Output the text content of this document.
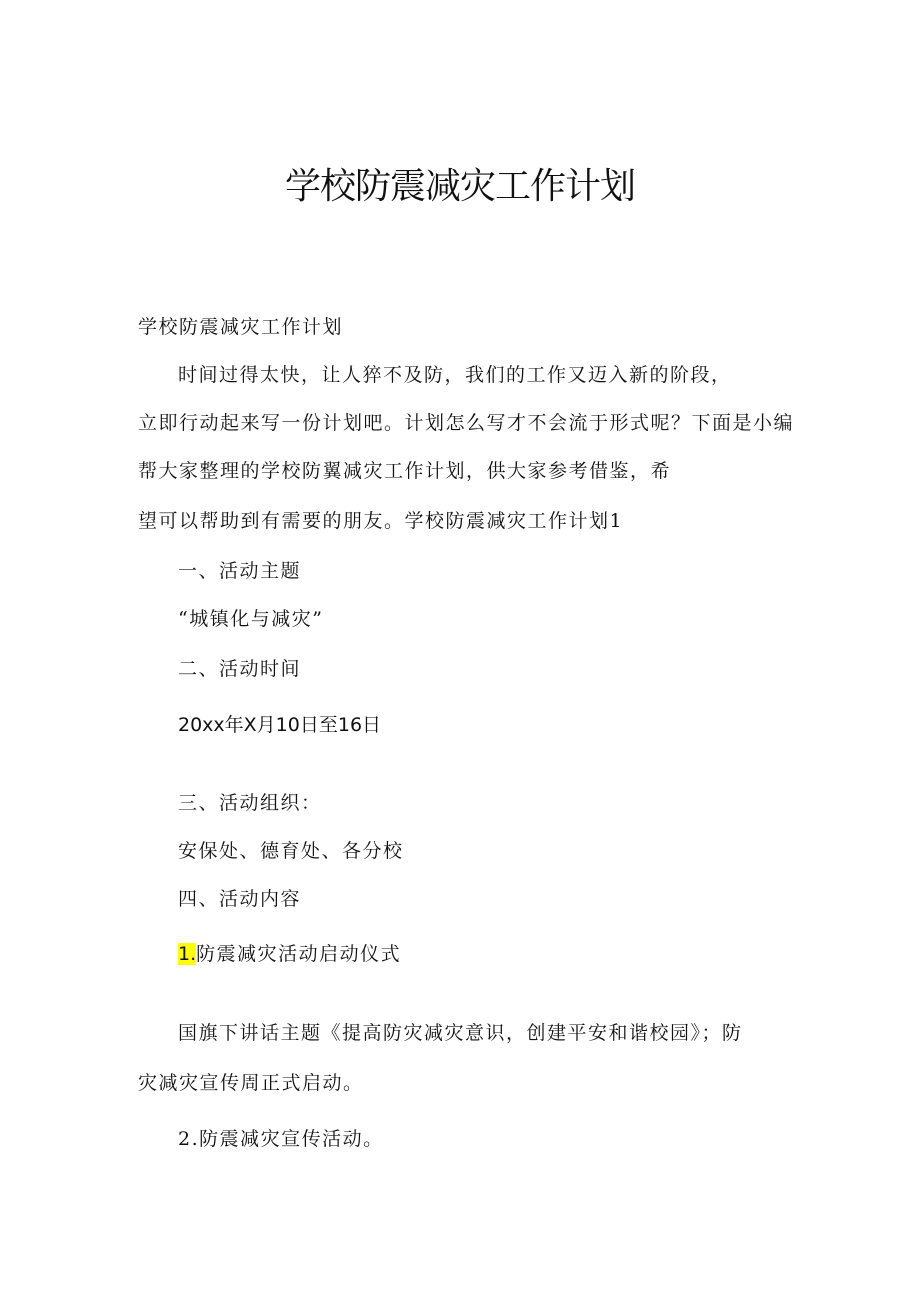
学校防震减灾工作计划

学校防震减灾工作计划

时间过得太快，让人猝不及防，我们的工作又迈入新的阶段，

立即行动起来写一份计划吧。计划怎么写才不会流于形式呢？下面是小编

帮大家整理的学校防翼减灾工作计划，供大家参考借鉴，希

望可以帮助到有需要的朋友。学校防震减灾工作计划1

一、活动主题

“城镇化与减灾”

二、活动时间

20xx年X月10日至16日

三、活动组织：

安保处、德育处、各分校

四、活动内容

1.防震减灾活动启动仪式

国旗下讲话主题《提高防灾减灾意识，创建平安和谐校园》；防

灾减灾宣传周正式启动。

2.防震减灾宣传活动。
